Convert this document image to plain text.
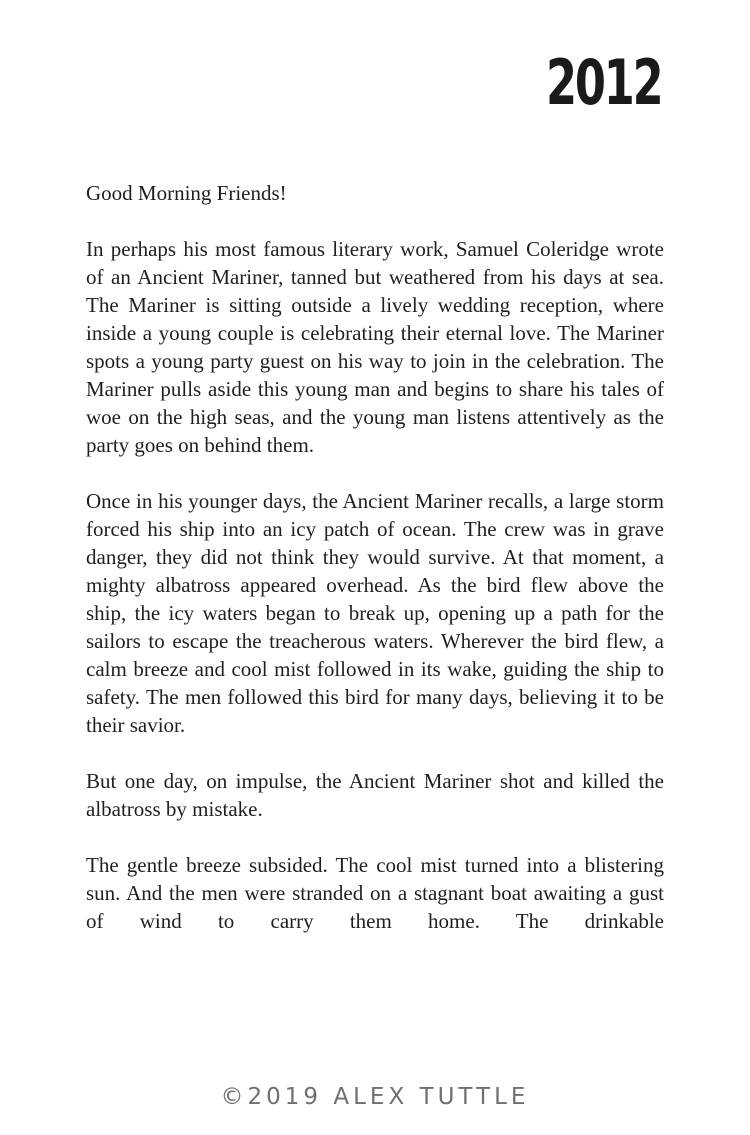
2012

Good Morning Friends!

In perhaps his most famous literary work, Samuel Coleridge wrote of an Ancient Mariner, tanned but weathered from his days at sea. The Mariner is sitting outside a lively wedding reception, where inside a young couple is celebrating their eternal love. The Mariner spots a young party guest on his way to join in the celebration. The Mariner pulls aside this young man and begins to share his tales of woe on the high seas, and the young man listens attentively as the party goes on behind them.

Once in his younger days, the Ancient Mariner recalls, a large storm forced his ship into an icy patch of ocean. The crew was in grave danger, they did not think they would survive. At that moment, a mighty albatross appeared overhead. As the bird flew above the ship, the icy waters began to break up, opening up a path for the sailors to escape the treacherous waters. Wherever the bird flew, a calm breeze and cool mist followed in its wake, guiding the ship to safety. The men followed this bird for many days, believing it to be their savior.

But one day, on impulse, the Ancient Mariner shot and killed the albatross by mistake.

The gentle breeze subsided. The cool mist turned into a blistering sun. And the men were stranded on a stagnant boat awaiting a gust of wind to carry them home. The drinkable

©2019 ALEX TUTTLE
